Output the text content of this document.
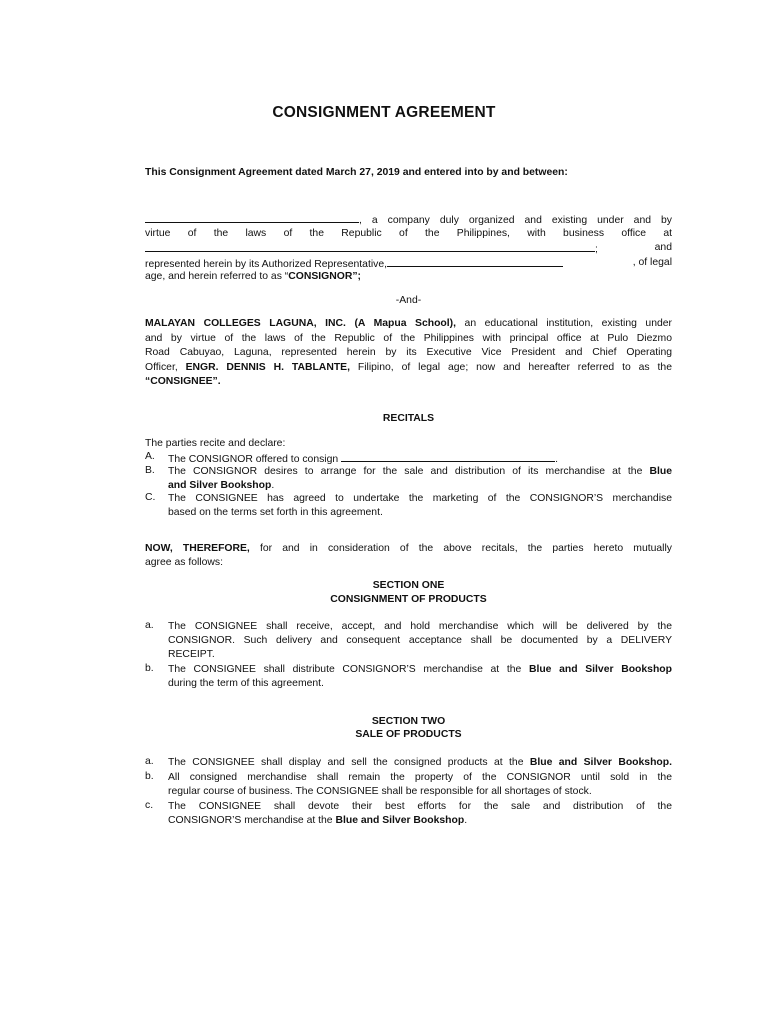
CONSIGNMENT AGREEMENT
This Consignment Agreement dated March 27, 2019 and entered into by and between:
, a company duly organized and existing under and by
virtue of the laws of the Republic of the Philippines, with business office at
;	and
represented herein by its Authorized Representative,	, of legal
age, and herein referred to as “CONSIGNOR”;
-And-
MALAYAN COLLEGES LAGUNA, INC. (A Mapua School), an educational institution, existing under
and by virtue of the laws of the Republic of the Philippines with principal office at Pulo Diezmo
Road Cabuyao, Laguna, represented herein by its Executive Vice President and Chief Operating
Officer, ENGR. DENNIS H. TABLANTE, Filipino, of legal age; now and hereafter referred to as the
“CONSIGNEE”.
RECITALS
The parties recite and declare:
A.	The CONSIGNOR offered to consign	.
B.	The CONSIGNOR desires to arrange for the sale and distribution of its merchandise at the Blue
and Silver Bookshop.
C.	The CONSIGNEE has agreed to undertake the marketing of the CONSIGNOR’S merchandise
based on the terms set forth in this agreement.
NOW, THEREFORE, for and in consideration of the above recitals, the parties hereto mutually
agree as follows:
SECTION ONE
CONSIGNMENT OF PRODUCTS
a.	The CONSIGNEE shall receive, accept, and hold merchandise which will be delivered by the
CONSIGNOR. Such delivery and consequent acceptance shall be documented by a DELIVERY
RECEIPT.
b.	The CONSIGNEE shall distribute CONSIGNOR’S merchandise at the Blue and Silver Bookshop
during the term of this agreement.
SECTION TWO
SALE OF PRODUCTS
a.	The CONSIGNEE shall display and sell the consigned products at the Blue and Silver Bookshop.
b.	All consigned merchandise shall remain the property of the CONSIGNOR until sold in the
regular course of business. The CONSIGNEE shall be responsible for all shortages of stock.
c.	The CONSIGNEE shall devote their best efforts for the sale and distribution of the
CONSIGNOR’S merchandise at the Blue and Silver Bookshop.
